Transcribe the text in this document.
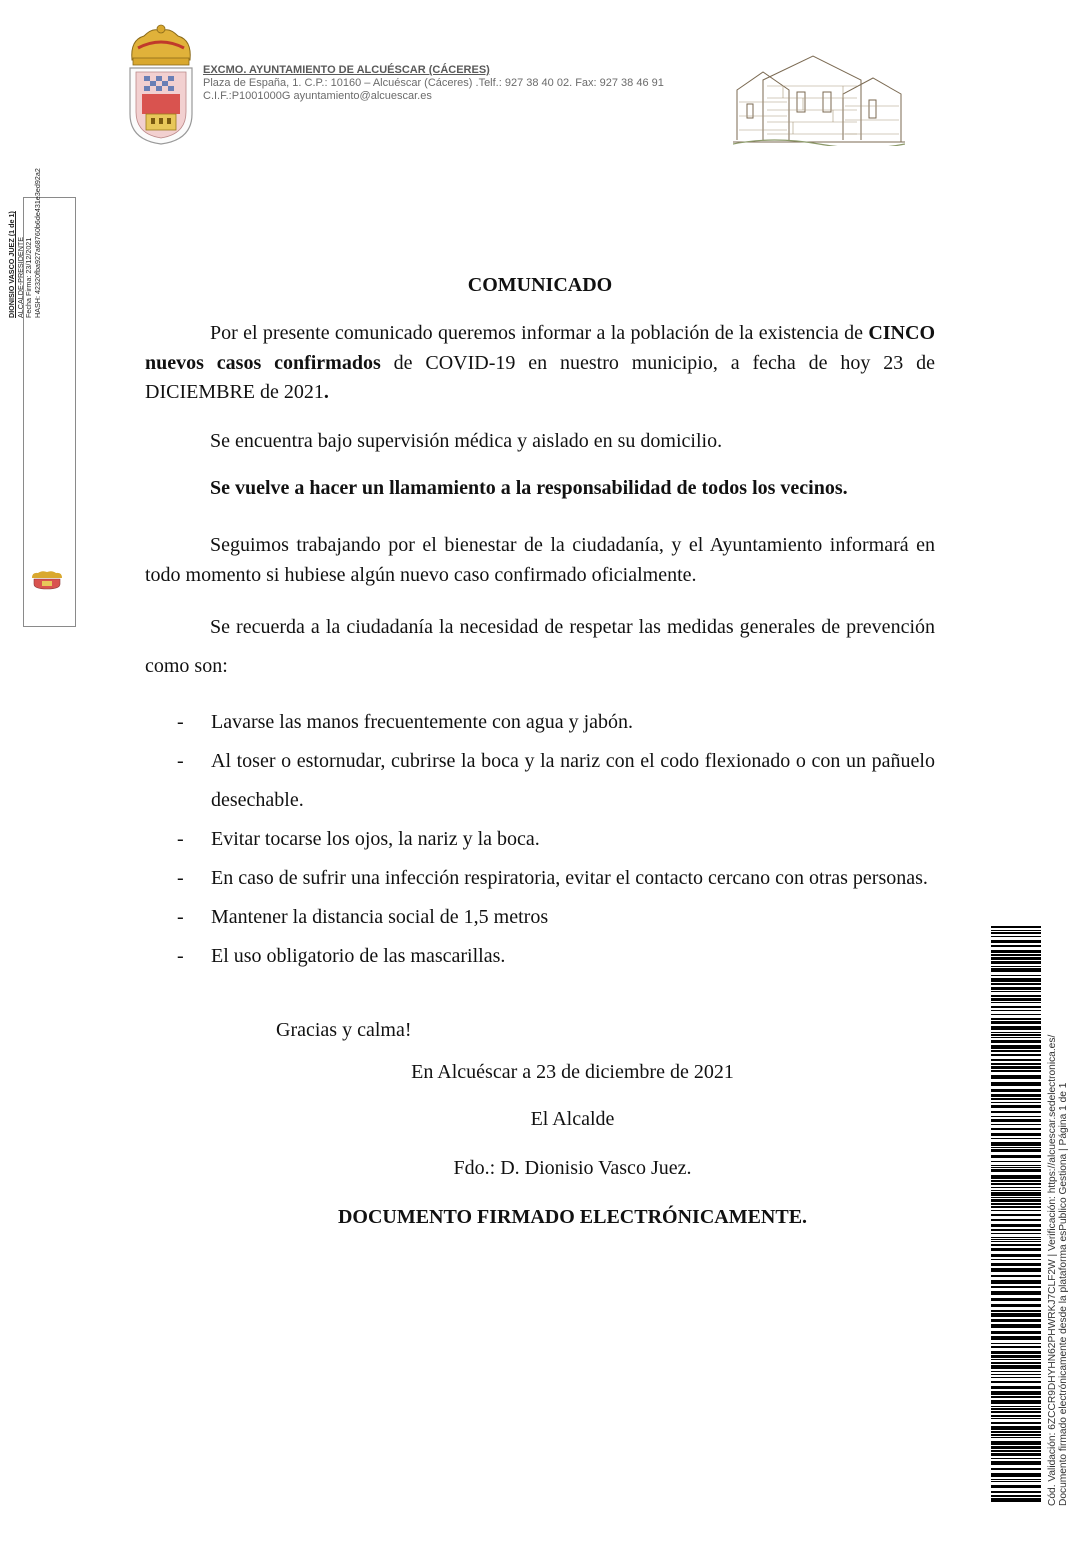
EXCMO. AYUNTAMIENTO DE ALCUÉSCAR (CÁCERES)
Plaza de España, 1. C.P.: 10160 – Alcuéscar (Cáceres) .Telf.: 927 38 40 02. Fax: 927 38 46 91
C.I.F.:P1001000G ayuntamiento@alcuescar.es
DIONISIO VASCO JUEZ (1 de 1) ALCALDE-PRESIDENTE Fecha Firma: 23/12/2021 HASH: 42320fba927a68760b6de431e3ed92a2	COMUNICADO
Por el presente comunicado queremos informar a la población de la existencia de CINCO nuevos casos confirmados de COVID-19 en nuestro municipio, a fecha de hoy 23 de DICIEMBRE de 2021.
Se encuentra bajo supervisión médica y aislado en su domicilio.
Se vuelve a hacer un llamamiento a la responsabilidad de todos los vecinos.
Seguimos trabajando por el bienestar de la ciudadanía, y el Ayuntamiento informará en todo momento si hubiese algún nuevo caso confirmado oficialmente.
Se recuerda a la ciudadanía la necesidad de respetar las medidas generales de prevención como son:
- Lavarse las manos frecuentemente con agua y jabón.
- Al toser o estornudar, cubrirse la boca y la nariz con el codo flexionado o con un pañuelo desechable.
- Evitar tocarse los ojos, la nariz y la boca.
- En caso de sufrir una infección respiratoria, evitar el contacto cercano con otras personas.
- Mantener la distancia social de 1,5 metros
- El uso obligatorio de las mascarillas.
Gracias y calma!
En Alcuéscar a 23 de diciembre de 2021
El Alcalde
Fdo.: D. Dionisio Vasco Juez.
DOCUMENTO FIRMADO ELECTRÓNICAMENTE.	Cód. Validación: 6ZCCR9DHYHN62PHWRKJ7CLF2W | Verificación: https://alcuescar.sedelectronica.es/ Documento firmado electrónicamente desde la plataforma esPublico Gestiona | Página 1 de 1
